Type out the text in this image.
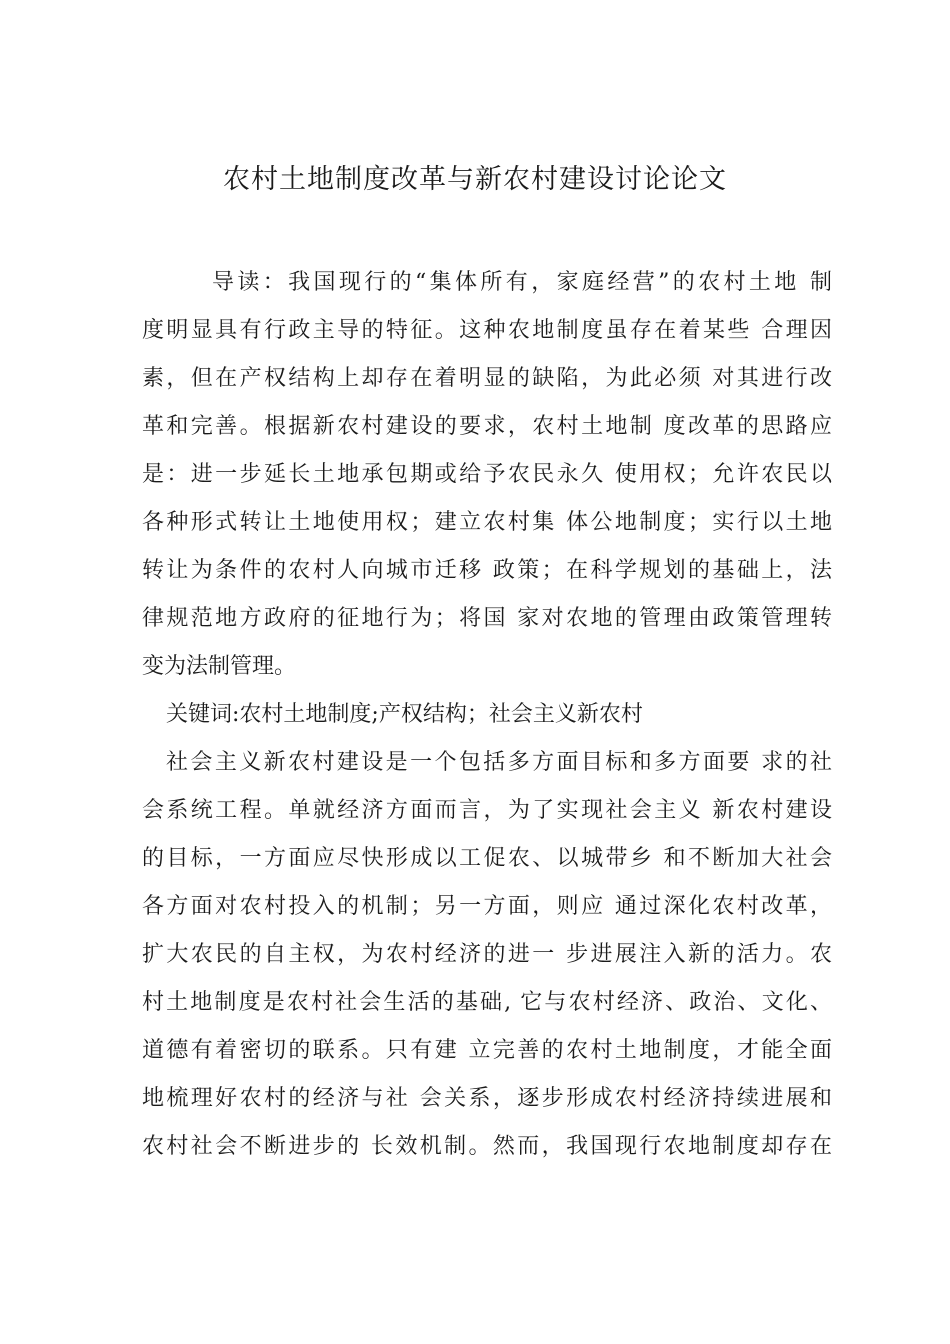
农村土地制度改革与新农村建设讨论论文
导读：我国现行的“集体所有，家庭经营”的农村土地 制
度明显具有行政主导的特征。这种农地制度虽存在着某些 合理因
素，但在产权结构上却存在着明显的缺陷，为此必须 对其进行改
革和完善。根据新农村建设的要求，农村土地制 度改革的思路应
是：进一步延长土地承包期或给予农民永久 使用权；允许农民以
各种形式转让土地使用权；建立农村集 体公地制度；实行以土地
转让为条件的农村人向城市迁移 政策；在科学规划的基础上，法
律规范地方政府的征地行为；将国 家对农地的管理由政策管理转
变为法制管理。
关键词:农村土地制度;产权结构；社会主义新农村
社会主义新农村建设是一个包括多方面目标和多方面要 求的社
会系统工程。单就经济方面而言，为了实现社会主义 新农村建设
的目标，一方面应尽快形成以工促农、以城带乡 和不断加大社会
各方面对农村投入的机制；另一方面，则应 通过深化农村改革，
扩大农民的自主权，为农村经济的进一 步进展注入新的活力。农
村土地制度是农村社会生活的基础, 它与农村经济、政治、文化、
道德有着密切的联系。只有建 立完善的农村土地制度，才能全面
地梳理好农村的经济与社 会关系，逐步形成农村经济持续进展和
农村社会不断进步的 长效机制。然而，我国现行农地制度却存在
